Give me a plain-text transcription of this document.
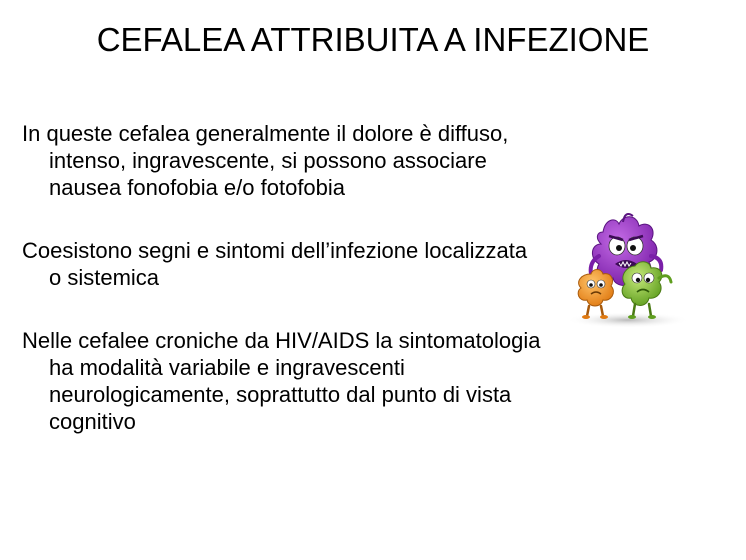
CEFALEA ATTRIBUITA A INFEZIONE
In queste cefalea generalmente il dolore è diffuso, intenso, ingravescente, si possono associare nausea fonofobia e/o fotofobia
Coesistono segni e sintomi dell’infezione localizzata o sistemica
Nelle cefalee croniche da HIV/AIDS la sintomatologia ha modalità variabile e ingravescenti neurologicamente, soprattutto dal punto di vista cognitivo
